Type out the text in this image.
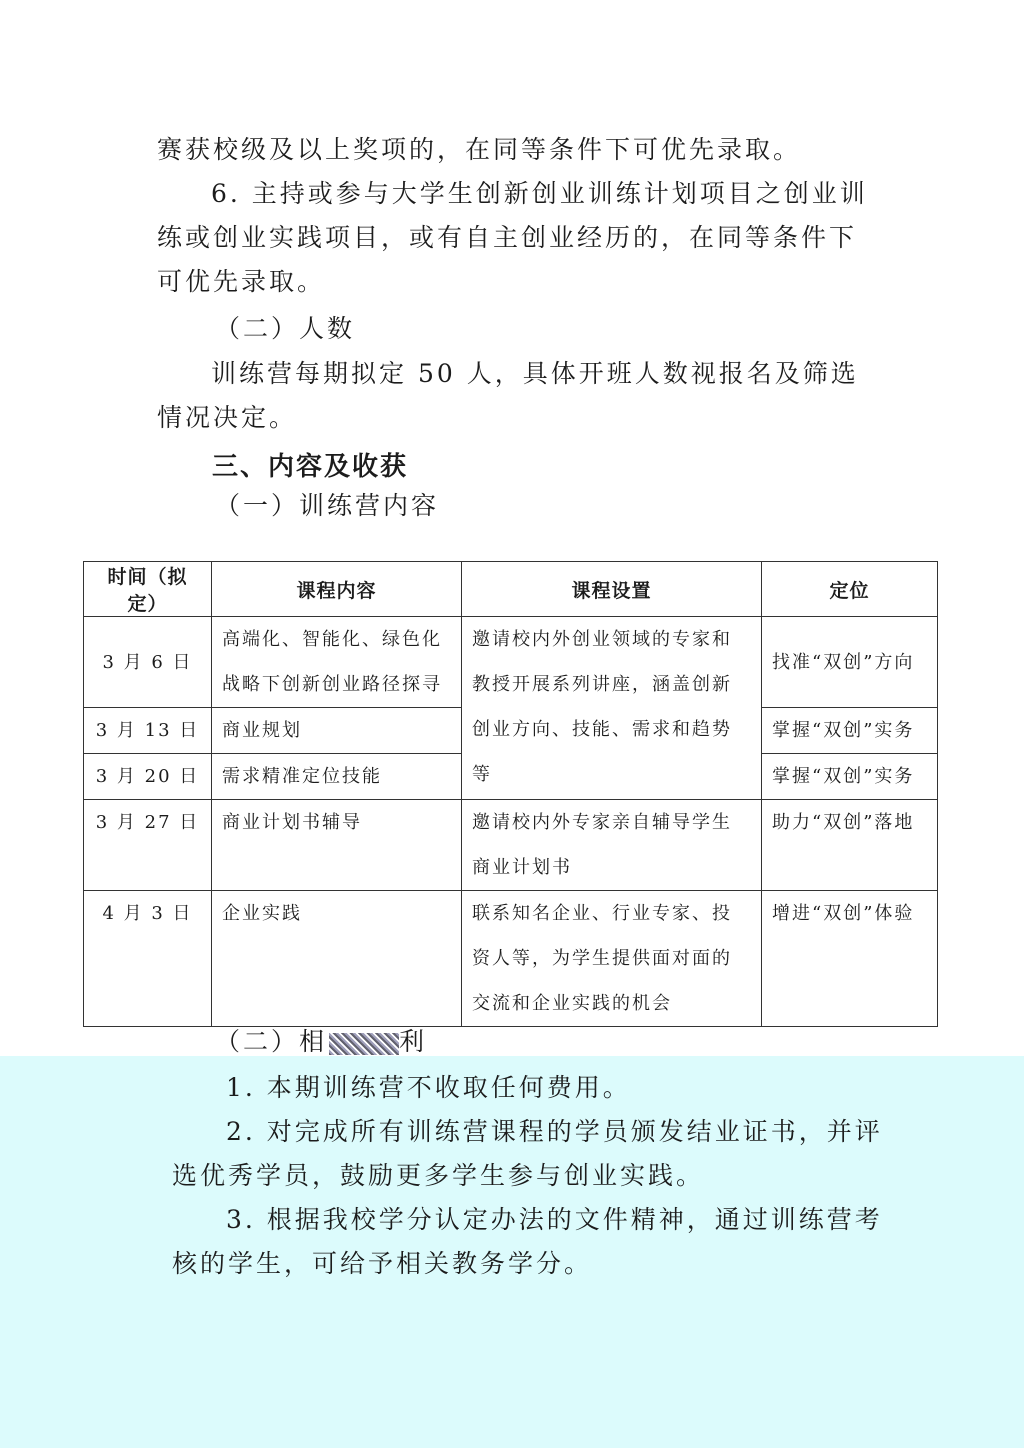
赛获校级及以上奖项的，在同等条件下可优先录取。

6. 主持或参与大学生创新创业训练计划项目之创业训练或创业实践项目，或有自主创业经历的，在同等条件下可优先录取。

（二）人数

训练营每期拟定 50 人，具体开班人数视报名及筛选情况决定。

三、内容及收获

（一）训练营内容

时间（拟定）	课程内容	课程设置	定位
3 月 6 日	高端化、智能化、绿色化战略下创新创业路径探寻	邀请校内外创业领域的专家和教授开展系列讲座，涵盖创新创业方向、技能、需求和趋势等	找准“双创”方向
3 月 13 日	商业规划		掌握“双创”实务
3 月 20 日	需求精准定位技能		掌握“双创”实务
3 月 27 日	商业计划书辅导	邀请校内外专家亲自辅导学生商业计划书	助力“双创”落地
4 月 3 日	企业实践	联系知名企业、行业专家、投资人等，为学生提供面对面的交流和企业实践的机会	增进“双创”体验

（二）相	利

1. 本期训练营不收取任何费用。

2. 对完成所有训练营课程的学员颁发结业证书，并评选优秀学员，鼓励更多学生参与创业实践。

3. 根据我校学分认定办法的文件精神，通过训练营考核的学生，可给予相关教务学分。
